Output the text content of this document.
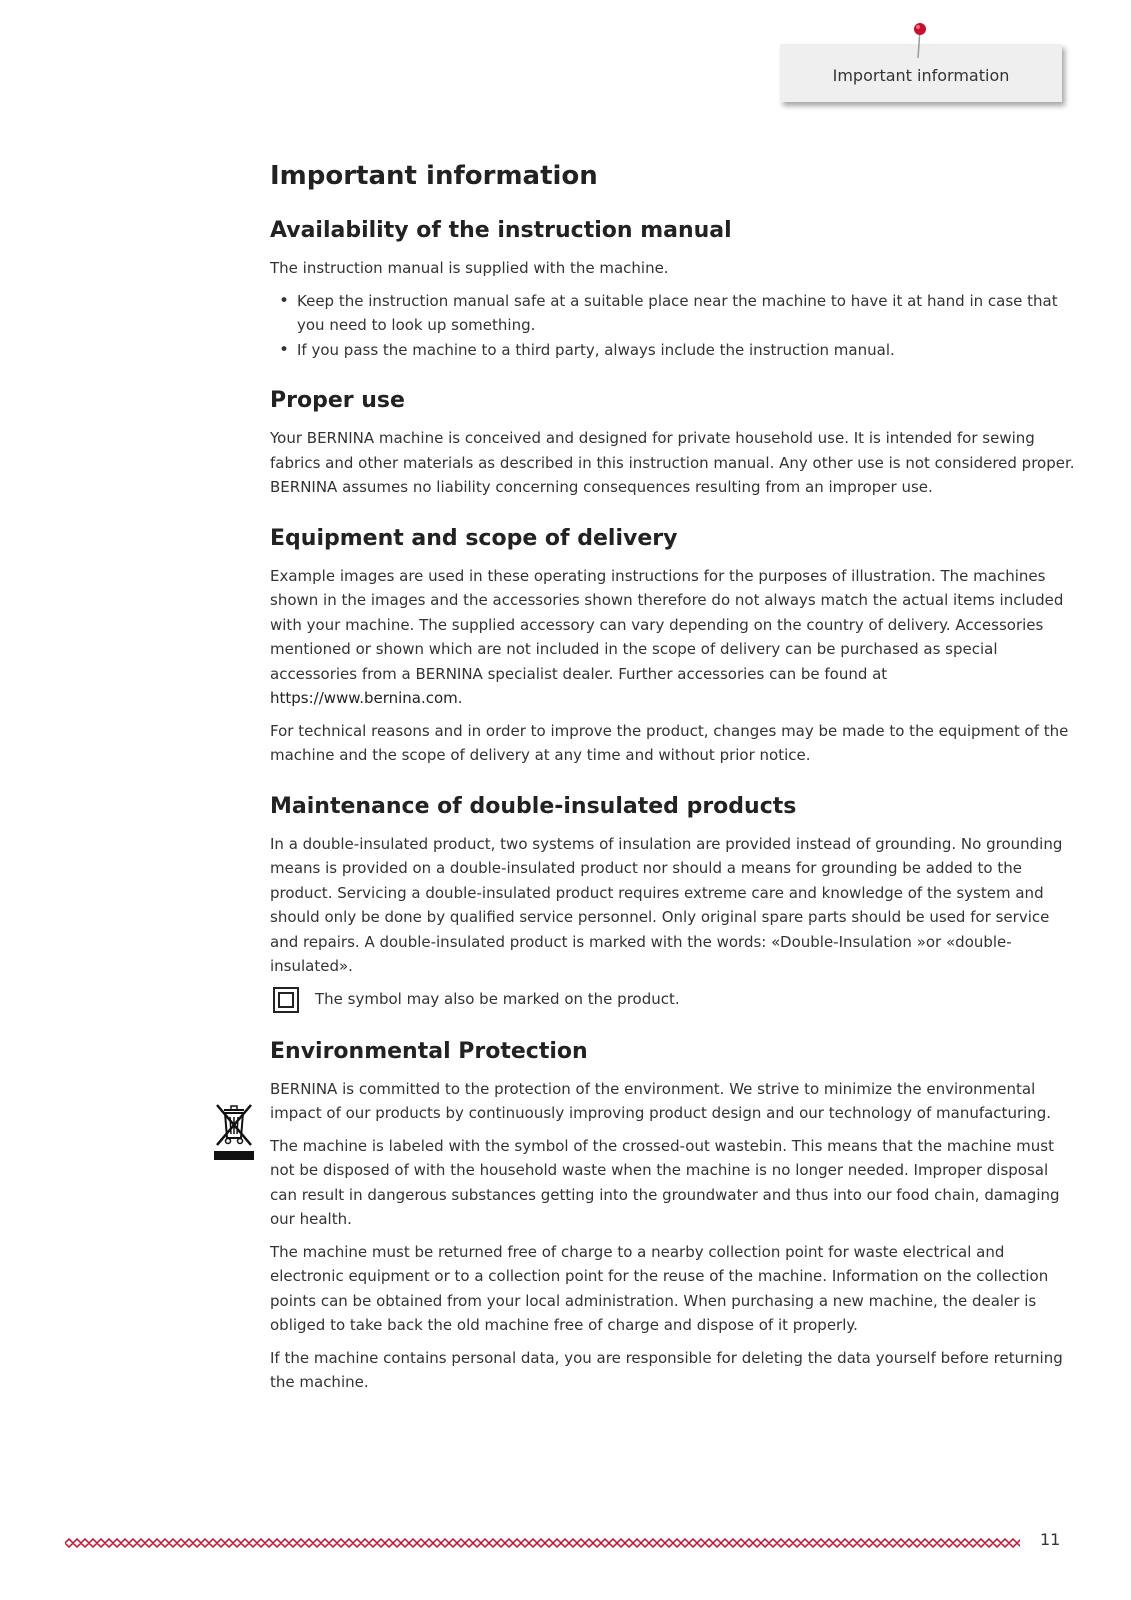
Important information
Important information
Availability of the instruction manual

The instruction manual is supplied with the machine.

• Keep the instruction manual safe at a suitable place near the machine to have it at hand in case that you need to look up something.
• If you pass the machine to a third party, always include the instruction manual.
Proper use

Your BERNINA machine is conceived and designed for private household use. It is intended for sewing fabrics and other materials as described in this instruction manual. Any other use is not considered proper. BERNINA assumes no liability concerning consequences resulting from an improper use.

Equipment and scope of delivery

Example images are used in these operating instructions for the purposes of illustration. The machines shown in the images and the accessories shown therefore do not always match the actual items included with your machine. The supplied accessory can vary depending on the country of delivery. Accessories mentioned or shown which are not included in the scope of delivery can be purchased as special accessories from a BERNINA specialist dealer. Further accessories can be found at https://www.bernina.com.

For technical reasons and in order to improve the product, changes may be made to the equipment of the machine and the scope of delivery at any time and without prior notice.

Maintenance of double-insulated products

In a double-insulated product, two systems of insulation are provided instead of grounding. No grounding means is provided on a double-insulated product nor should a means for grounding be added to the product. Servicing a double-insulated product requires extreme care and knowledge of the system and should only be done by qualified service personnel. Only original spare parts should be used for service and repairs. A double-insulated product is marked with the words: «Double-Insulation »or «double-insulated».

The symbol may also be marked on the product.

Environmental Protection

BERNINA is committed to the protection of the environment. We strive to minimize the environmental impact of our products by continuously improving product design and our technology of manufacturing.

The machine is labeled with the symbol of the crossed-out wastebin. This means that the machine must not be disposed of with the household waste when the machine is no longer needed. Improper disposal can result in dangerous substances getting into the groundwater and thus into our food chain, damaging our health.

The machine must be returned free of charge to a nearby collection point for waste electrical and electronic equipment or to a collection point for the reuse of the machine. Information on the collection points can be obtained from your local administration. When purchasing a new machine, the dealer is obliged to take back the old machine free of charge and dispose of it properly.

If the machine contains personal data, you are responsible for deleting the data yourself before returning the machine.

11
